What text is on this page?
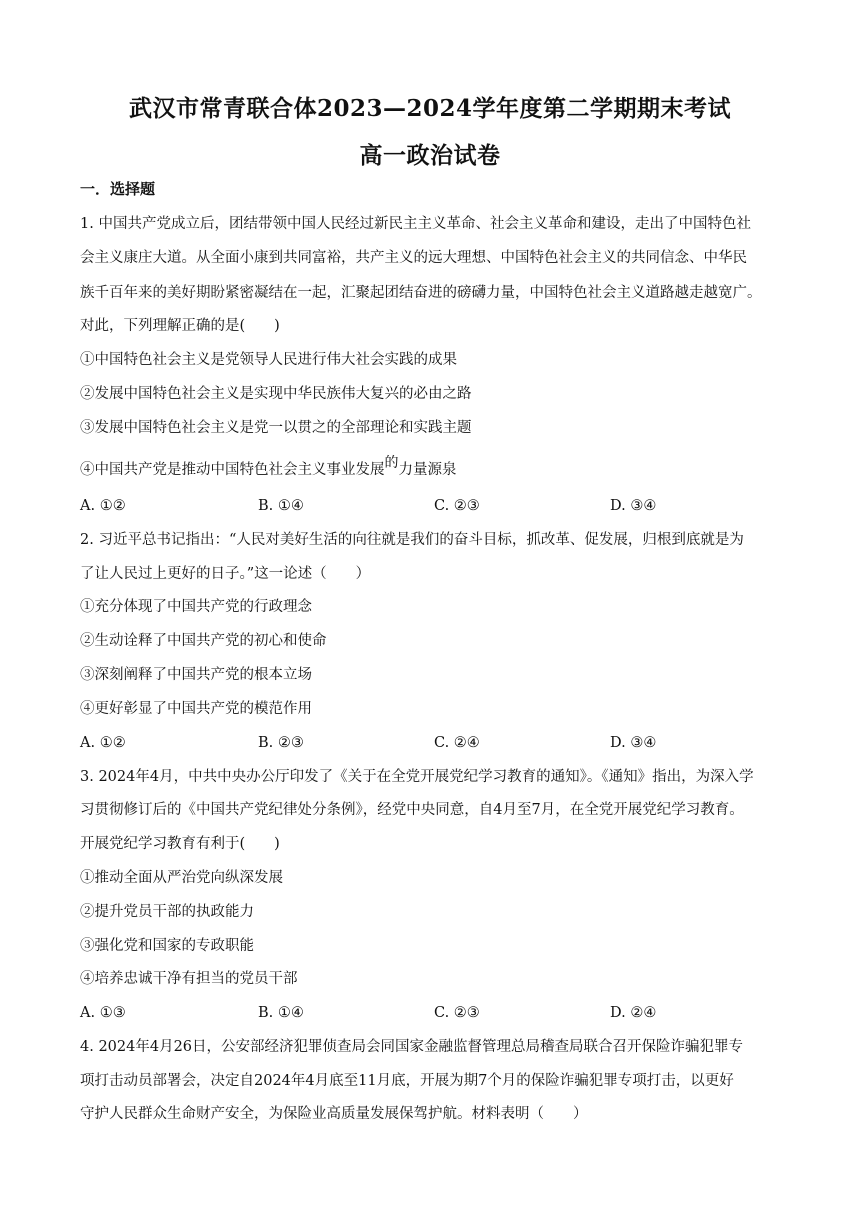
武汉市常青联合体2023—2024学年度第二学期期末考试
高一政治试卷
一．选择题
1. 中国共产党成立后，团结带领中国人民经过新民主主义革命、社会主义革命和建设，走出了中国特色社
会主义康庄大道。从全面小康到共同富裕，共产主义的远大理想、中国特色社会主义的共同信念、中华民
族千百年来的美好期盼紧密凝结在一起，汇聚起团结奋进的磅礴力量，中国特色社会主义道路越走越宽广。
对此，下列理解正确的是(　　)
①中国特色社会主义是党领导人民进行伟大社会实践的成果
②发展中国特色社会主义是实现中华民族伟大复兴的必由之路
③发展中国特色社会主义是党一以贯之的全部理论和实践主题
④中国共产党是推动中国特色社会主义事业发展的力量源泉
A. ①②	B. ①④	C. ②③	D. ③④
2. 习近平总书记指出：“人民对美好生活的向往就是我们的奋斗目标，抓改革、促发展，归根到底就是为
了让人民过上更好的日子。”这一论述（　　）
①充分体现了中国共产党的行政理念
②生动诠释了中国共产党的初心和使命
③深刻阐释了中国共产党的根本立场
④更好彰显了中国共产党的模范作用
A. ①②	B. ②③	C. ②④	D. ③④
3. 2024年4月，中共中央办公厅印发了《关于在全党开展党纪学习教育的通知》。《通知》指出，为深入学
习贯彻修订后的《中国共产党纪律处分条例》，经党中央同意，自4月至7月，在全党开展党纪学习教育。
开展党纪学习教育有利于(　　)
①推动全面从严治党向纵深发展
②提升党员干部的执政能力
③强化党和国家的专政职能
④培养忠诚干净有担当的党员干部
A. ①③	B. ①④	C. ②③	D. ②④
4. 2024年4月26日，公安部经济犯罪侦查局会同国家金融监督管理总局稽查局联合召开保险诈骗犯罪专
项打击动员部署会，决定自2024年4月底至11月底，开展为期7个月的保险诈骗犯罪专项打击，以更好
守护人民群众生命财产安全，为保险业高质量发展保驾护航。材料表明（　　）
